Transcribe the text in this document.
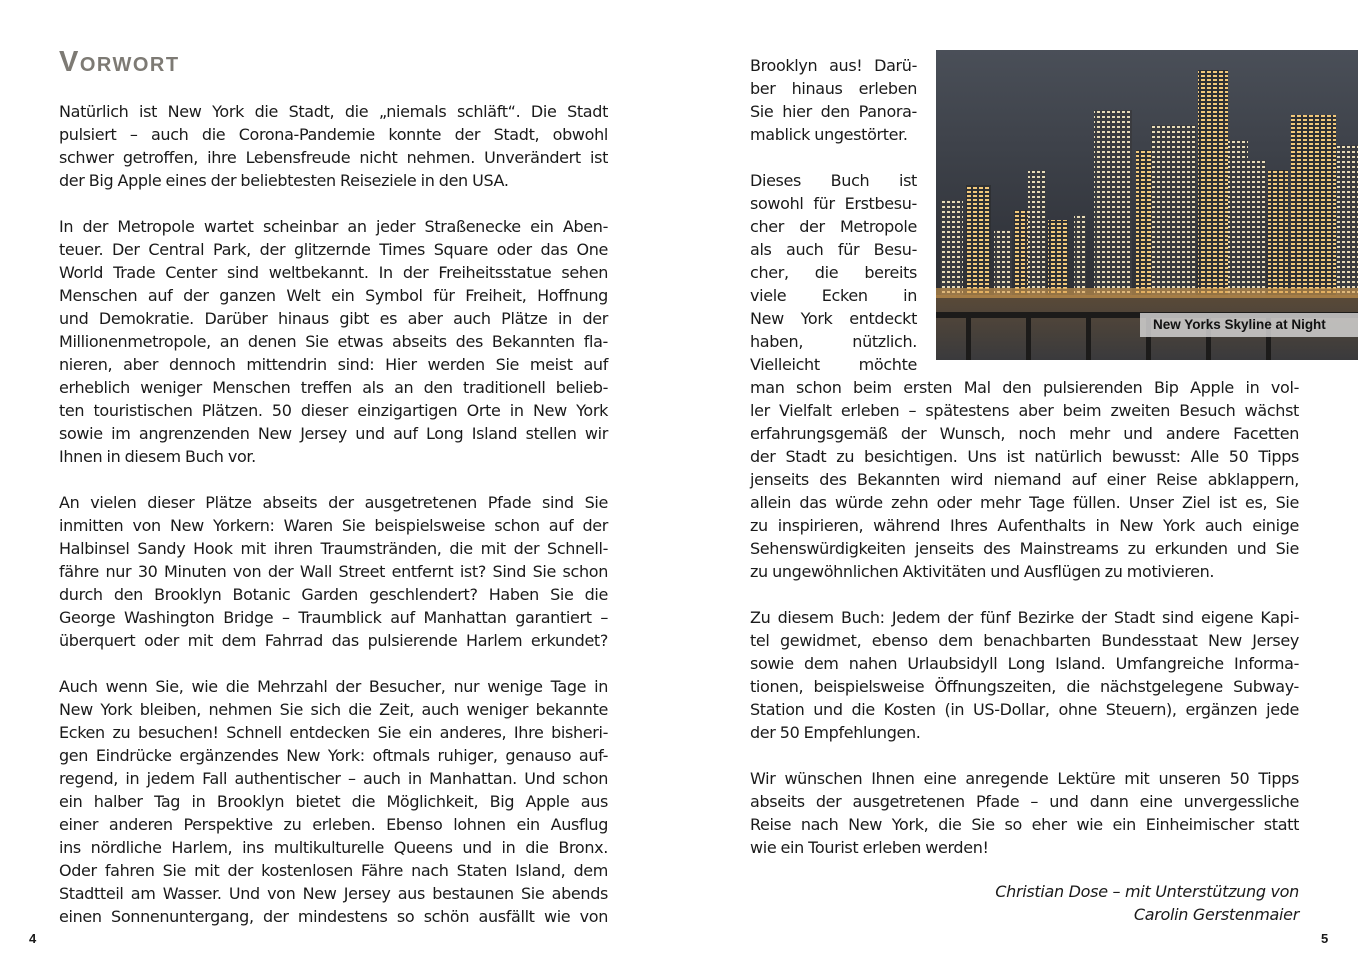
Vorwort
Natürlich ist New York die Stadt, die „niemals schläft“. Die Stadt
pulsiert – auch die Corona-Pandemie konnte der Stadt, obwohl
schwer getroffen, ihre Lebensfreude nicht nehmen. Unverändert ist
der Big Apple eines der beliebtesten Reiseziele in den USA.
In der Metropole wartet scheinbar an jeder Straßenecke ein Aben-
teuer. Der Central Park, der glitzernde Times Square oder das One
World Trade Center sind weltbekannt. In der Freiheitsstatue sehen
Menschen auf der ganzen Welt ein Symbol für Freiheit, Hoffnung
und Demokratie. Darüber hinaus gibt es aber auch Plätze in der
Millionenmetropole, an denen Sie etwas abseits des Bekannten fla-
nieren, aber dennoch mittendrin sind: Hier werden Sie meist auf
erheblich weniger Menschen treffen als an den traditionell belieb-
ten touristischen Plätzen. 50 dieser einzigartigen Orte in New York
sowie im angrenzenden New Jersey und auf Long Island stellen wir
Ihnen in diesem Buch vor.
An vielen dieser Plätze abseits der ausgetretenen Pfade sind Sie
inmitten von New Yorkern: Waren Sie beispielsweise schon auf der
Halbinsel Sandy Hook mit ihren Traumstränden, die mit der Schnell-
fähre nur 30 Minuten von der Wall Street entfernt ist? Sind Sie schon
durch den Brooklyn Botanic Garden geschlendert? Haben Sie die
George Washington Bridge – Traumblick auf Manhattan garantiert –
überquert oder mit dem Fahrrad das pulsierende Harlem erkundet?
Auch wenn Sie, wie die Mehrzahl der Besucher, nur wenige Tage in
New York bleiben, nehmen Sie sich die Zeit, auch weniger bekannte
Ecken zu besuchen! Schnell entdecken Sie ein anderes, Ihre bisheri-
gen Eindrücke ergänzendes New York: oftmals ruhiger, genauso auf-
regend, in jedem Fall authentischer – auch in Manhattan. Und schon
ein halber Tag in Brooklyn bietet die Möglichkeit, Big Apple aus
einer anderen Perspektive zu erleben. Ebenso lohnen ein Ausflug
ins nördliche Harlem, ins multikulturelle Queens und in die Bronx.
Oder fahren Sie mit der kostenlosen Fähre nach Staten Island, dem
Stadtteil am Wasser. Und von New Jersey aus bestaunen Sie abends
einen Sonnenuntergang, der mindestens so schön ausfällt wie von
Brooklyn aus! Darü-
ber hinaus erleben
Sie hier den Panora-
mablick ungestörter.
Dieses Buch ist
sowohl für Erstbesu-
cher der Metropole
als auch für Besu-
cher, die bereits
viele Ecken in
New York entdeckt
haben, nützlich.
Vielleicht möchte
man schon beim ersten Mal den pulsierenden Bip Apple in vol-
ler Vielfalt erleben – spätestens aber beim zweiten Besuch wächst
erfahrungsgemäß der Wunsch, noch mehr und andere Facetten
der Stadt zu besichtigen. Uns ist natürlich bewusst: Alle 50 Tipps
jenseits des Bekannten wird niemand auf einer Reise abklappern,
allein das würde zehn oder mehr Tage füllen. Unser Ziel ist es, Sie
zu inspirieren, während Ihres Aufenthalts in New York auch einige
Sehenswürdigkeiten jenseits des Mainstreams zu erkunden und Sie
zu ungewöhnlichen Aktivitäten und Ausflügen zu motivieren.
Zu diesem Buch: Jedem der fünf Bezirke der Stadt sind eigene Kapi-
tel gewidmet, ebenso dem benachbarten Bundesstaat New Jersey
sowie dem nahen Urlaubsidyll Long Island. Umfangreiche Informa-
tionen, beispielsweise Öffnungszeiten, die nächstgelegene Subway-
Station und die Kosten (in US-Dollar, ohne Steuern), ergänzen jede
der 50 Empfehlungen.
Wir wünschen Ihnen eine anregende Lektüre mit unseren 50 Tipps
abseits der ausgetretenen Pfade – und dann eine unvergessliche
Reise nach New York, die Sie so eher wie ein Einheimischer statt
wie ein Tourist erleben werden!
New Yorks Skyline at Night
Christian Dose – mit Unterstützung von
Carolin Gerstenmaier
4	5
